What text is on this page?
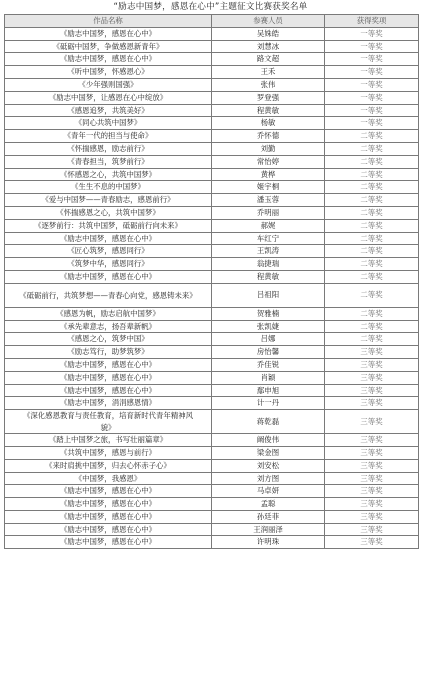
“励志中国梦，感恩在心中”主题征文比赛获奖名单
作品名称	参赛人员	获得奖项
《励志中国梦，感恩在心中》	吴姝皓	一等奖
《砥砺中国梦，争做感恩新青年》	刘慧冰	一等奖
《励志中国梦，感恩在心中》	路文超	一等奖
《听中国梦，怀感恩心》	王禾	一等奖
《少年强则国强》	张伟	一等奖
《励志中国梦，让感恩在心中绽放》	罗登强	一等奖
《感恩追梦，共筑美好》	程黄敏	一等奖
《同心共筑中国梦》	杨敏	一等奖
《青年一代的担当与使命》	乔怀德	二等奖
《怀揣感恩，励志前行》	刘勤	二等奖
《青春担当，筑梦前行》	常怡婷	二等奖
《怀感恩之心，共筑中国梦》	黄桦	二等奖
《生生不息的中国梦》	姬宇桐	二等奖
《爱与中国梦——青春励志，感恩前行》	潘玉蓉	二等奖
《怀揣感恩之心，共筑中国梦》	乔明丽	二等奖
《逐梦前行：共筑中国梦，砥砺前行向未来》	郝娓	二等奖
《励志中国梦，感恩在心中》	车红宁	二等奖
《匠心筑梦，感恩同行》	王凯涛	二等奖
《筑梦中华，感恩同行》	翁捷瑞	二等奖
《励志中国梦，感恩在心中》	程黄敏	二等奖
《砥砺前行，共筑梦想——青春心向党，感恩铸未来》	吕祖阳	二等奖
《感恩为帆，励志启航中国梦》	贺雅楠	二等奖
《承先辈意志，扬吾辈新帆》	张凯婕	二等奖
《感恩之心，筑梦中国》	吕娜	二等奖
《励志笃行，助梦筑梦》	房怡馨	三等奖
《励志中国梦，感恩在心中》	乔佳锐	三等奖
《励志中国梦，感恩在心中》	肖颖	三等奖
《励志中国梦，感恩在心中》	鄢申旭	三等奖
《励志中国梦，涓涓感恩情》	计一丹	三等奖
《深化感恩教育与责任教育，培育新时代青年精神风貌》	蒋乾磊	三等奖
《踏上中国梦之旅，书写壮丽篇章》	阚俊伟	三等奖
《共筑中国梦，感恩与前行》	梁金图	三等奖
《来时肩挑中国梦，归去心怀赤子心》	刘安松	三等奖
《中国梦，我感恩》	刘方图	三等奖
《励志中国梦，感恩在心中》	马卓妍	三等奖
《励志中国梦，感恩在心中》	孟聪	三等奖
《励志中国梦，感恩在心中》	孙廷菲	三等奖
《励志中国梦，感恩在心中》	王润丽泽	三等奖
《励志中国梦，感恩在心中》	许明珠	三等奖
